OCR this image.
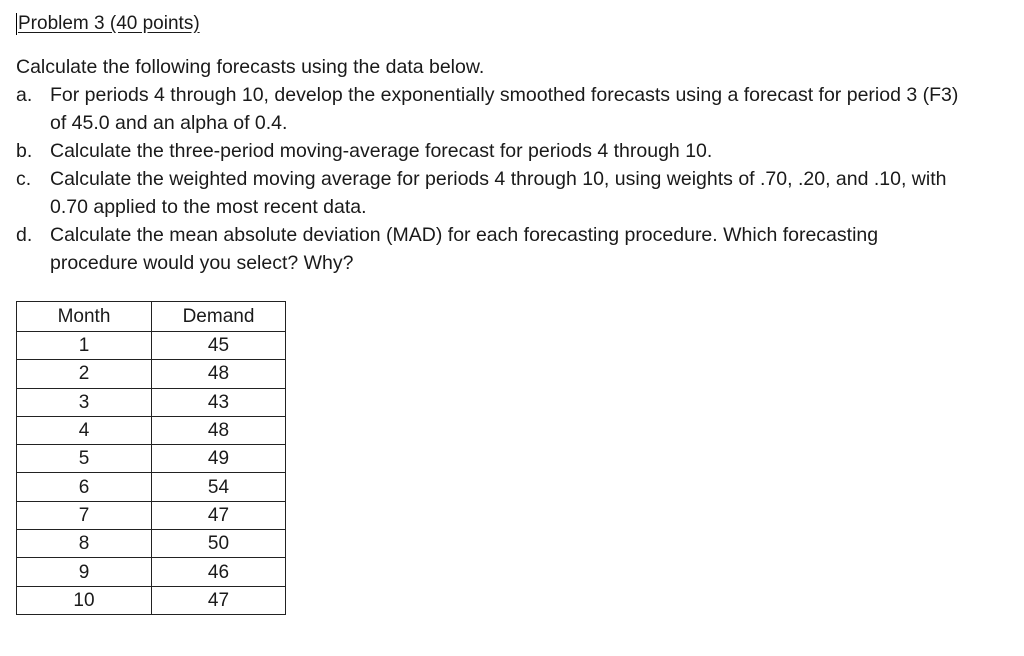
Problem 3 (40 points)
Calculate the following forecasts using the data below.
a. For periods 4 through 10, develop the exponentially smoothed forecasts using a forecast for period 3 (F3)
of 45.0 and an alpha of 0.4.
b. Calculate the three-period moving-average forecast for periods 4 through 10.
c. Calculate the weighted moving average for periods 4 through 10, using weights of .70, .20, and .10, with
0.70 applied to the most recent data.
d. Calculate the mean absolute deviation (MAD) for each forecasting procedure. Which forecasting
procedure would you select? Why?
Month	Demand
1	45
2	48
3	43
4	48
5	49
6	54
7	47
8	50
9	46
10	47
